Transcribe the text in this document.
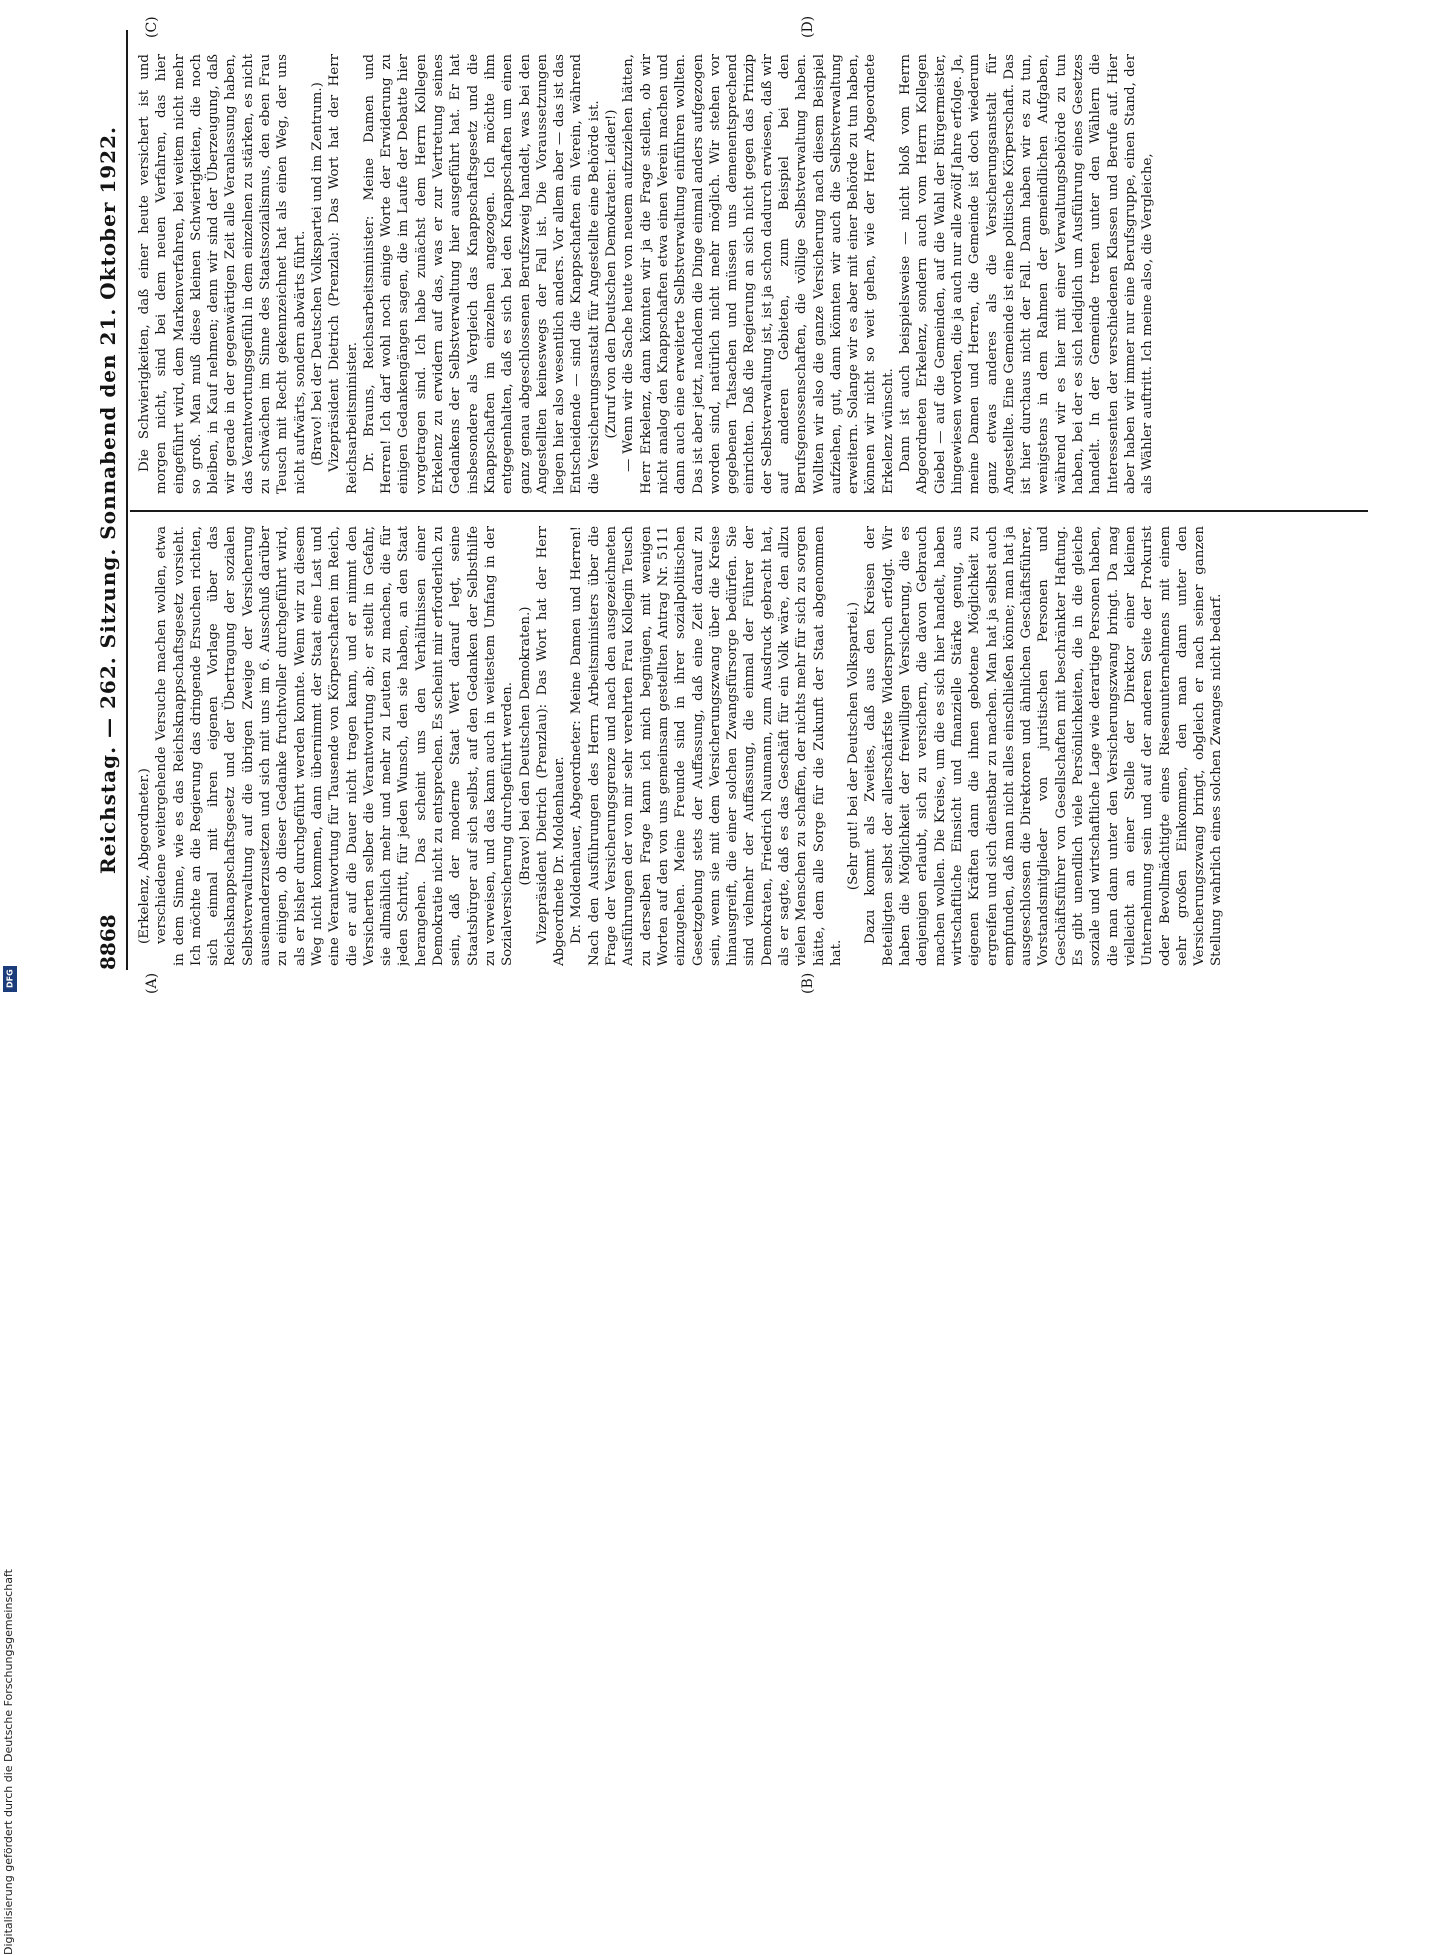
Digitalisierung gefördert durch die Deutsche Forschungsgemeinschaft
DFG
8868
Reichstag. — 262. Sitzung. Sonnabend den 21. Oktober 1922.
(A)	(B)
(C)	(D)

(Erkelenz, Abgeordneter.) verschiedene weitergehende Versuche machen wollen, etwa in dem Sinne, wie es das Reichsknappschaftsgesetz vorsieht. Ich möchte an die Regierung das dringende Ersuchen richten, sich einmal mit ihren eigenen Vorlage über das Reichsknappschaftsgesetz und der Übertragung der sozialen Selbstverwaltung auf die übrigen Zweige der Versicherung auseinanderzusetzen und sich mit uns im 6. Ausschuß darüber zu einigen, ob dieser Gedanke fruchtvoller durchgeführt wird, als er bisher durchgeführt werden konnte. Wenn wir zu diesem Weg nicht kommen, dann übernimmt der Staat eine Last und eine Verantwortung für Tausende von Körperschaften im Reich, die er auf die Dauer nicht tragen kann, und er nimmt den Versicherten selber die Verantwortung ab; er stellt in Gefahr, sie allmählich mehr und mehr zu Leuten zu machen, die für jeden Schritt, für jeden Wunsch, den sie haben, an den Staat herangehen. Das scheint uns den Verhältnissen einer Demokratie nicht zu entsprechen. Es scheint mir erforderlich zu sein, daß der moderne Staat Wert darauf legt, seine Staatsbürger auf sich selbst, auf den Gedanken der Selbsthilfe zu verweisen, und das kann auch in weitestem Umfang in der Sozialversicherung durchgeführt werden. (Bravo! bei den Deutschen Demokraten.) Vizepräsident Dietrich (Prenzlau): Das Wort hat der Herr Abgeordnete Dr. Moldenhauer. Dr. Moldenhauer, Abgeordneter: Meine Damen und Herren! Nach den Ausführungen des Herrn Arbeitsministers über die Frage der Versicherungsgrenze und nach den ausgezeichneten Ausführungen der von mir sehr verehrten Frau Kollegin Teusch zu derselben Frage kann ich mich begnügen, mit wenigen Worten auf den von uns gemeinsam gestellten Antrag Nr. 5111 einzugehen. Meine Freunde sind in ihrer sozialpolitischen Gesetzgebung stets der Auffassung, daß eine Zeit darauf zu sein, wenn sie mit dem Versicherungszwang über die Kreise hinausgreift, die einer solchen Zwangsfürsorge bedürfen. Sie sind vielmehr der Auffassung, die einmal der Führer der Demokraten, Friedrich Naumann, zum Ausdruck gebracht hat, als er sagte, daß es das Geschäft für ein Volk wäre, den allzu vielen Menschen zu schaffen, der nichts mehr für sich zu sorgen hätte, dem alle Sorge für die Zukunft der Staat abgenommen hat.

(Sehr gut! bei der Deutschen Volkspartei.) Dazu kommt als Zweites, daß aus den Kreisen der Beteiligten selbst der allerschärfste Widerspruch erfolgt. Wir haben die Möglichkeit der freiwilligen Versicherung, die es denjenigen erlaubt, sich zu versichern, die davon Gebrauch machen wollen. Die Kreise, um die es sich hier handelt, haben wirtschaftliche Einsicht und finanzielle Stärke genug, aus eigenen Kräften dann die ihnen gebotene Möglichkeit zu ergreifen und sich dienstbar zu machen. Man hat ja selbst auch empfunden, daß man nicht alles einschließen könne; man hat ja ausgeschlossen die Direktoren und ähnlichen Geschäftsführer, Vorstandsmitglieder von juristischen Personen und Geschäftsführer von Gesellschaften mit beschränkter Haftung. Es gibt unendlich viele Persönlichkeiten, die in die gleiche soziale und wirtschaftliche Lage wie derartige Personen haben, die man dann unter den Versicherungszwang bringt. Da mag vielleicht an einer Stelle der Direktor einer kleinen Unternehmung sein und auf der anderen Seite der Prokurist oder Bevollmächtigte eines Riesenunternehmens mit einem sehr großen Einkommen, den man dann unter den Versicherungszwang bringt, obgleich er nach seiner ganzen Stellung wahrlich eines solchen Zwanges nicht bedarf.

Die Schwierigkeiten, daß einer heute versichert ist und morgen nicht, sind bei dem neuen Verfahren, das hier eingeführt wird, dem Markenverfahren, bei weitem nicht mehr so groß. Man muß diese kleinen Schwierigkeiten, die noch bleiben, in Kauf nehmen; denn wir sind der Überzeugung, daß wir gerade in der gegenwärtigen Zeit alle Veranlassung haben, das Verantwortungsgefühl in dem einzelnen zu stärken, es nicht zu schwächen im Sinne des Staatssozialismus, den eben Frau Teusch mit Recht gekennzeichnet hat als einen Weg, der uns nicht aufwärts, sondern abwärts führt. (Bravo! bei der Deutschen Volkspartei und im Zentrum.) Vizepräsident Dietrich (Prenzlau): Das Wort hat der Herr Reichsarbeitsminister. Dr. Brauns, Reichsarbeitsminister: Meine Damen und Herren! Ich darf wohl noch einige Worte der Erwiderung zu einigen Gedankengängen sagen, die im Laufe der Debatte hier vorgetragen sind. Ich habe zunächst dem Herrn Kollegen Erkelenz zu erwidern auf das, was er zur Vertretung seines Gedankens der Selbstverwaltung hier ausgeführt hat. Er hat insbesondere als Vergleich das Knappschaftsgesetz und die Knappschaften im einzelnen angezogen. Ich möchte ihm entgegenhalten, daß es sich bei den Knappschaften um einen ganz genau abgeschlossenen Berufszweig handelt, was bei den Angestellten keineswegs der Fall ist. Die Voraussetzungen liegen hier also wesentlich anders. Vor allem aber — das ist das Entscheidende — sind die Knappschaften ein Verein, während die Versicherungsanstalt für Angestellte eine Behörde ist. (Zuruf von den Deutschen Demokraten: Leider!) — Wenn wir die Sache heute von neuem aufzuziehen hätten, Herr Erkelenz, dann könnten wir ja die Frage stellen, ob wir nicht analog den Knappschaften etwa einen Verein machen und dann auch eine erweiterte Selbstverwaltung einführen wollten. Das ist aber jetzt, nachdem die Dinge einmal anders aufgezogen worden sind, natürlich nicht mehr möglich. Wir stehen vor gegebenen Tatsachen und müssen uns demenentsprechend einrichten. Daß die Regierung an sich nicht gegen das Prinzip der Selbstverwaltung ist, ist ja schon dadurch erwiesen, daß wir auf anderen Gebieten, zum Beispiel bei den Berufsgenossenschaften, die völlige Selbstverwaltung haben. Wollten wir also die ganze Versicherung nach diesem Beispiel aufziehen, gut, dann könnten wir auch die Selbstverwaltung erweitern. Solange wir es aber mit einer Behörde zu tun haben, können wir nicht so weit gehen, wie der Herr Abgeordnete Erkelenz wünscht. Dann ist auch beispielsweise — nicht bloß vom Herrn Abgeordneten Erkelenz, sondern auch vom Herrn Kollegen Giebel — auf die Gemeinden, auf die Wahl der Bürgermeister, hingewiesen worden, die ja auch nur alle zwölf Jahre erfolge. Ja, meine Damen und Herren, die Gemeinde ist doch wiederum ganz etwas anderes als die Versicherungsanstalt für Angestellte. Eine Gemeinde ist eine politische Körperschaft. Das ist hier durchaus nicht der Fall. Dann haben wir es zu tun, wenigstens in dem Rahmen der gemeindlichen Aufgaben, während wir es hier mit einer Verwaltungsbehörde zu tun haben, bei der es sich lediglich um Ausführung eines Gesetzes handelt. In der Gemeinde treten unter den Wählern die Interessenten der verschiedenen Klassen und Berufe auf. Hier aber haben wir immer nur eine Berufsgruppe, einen Stand, der als Wähler auftritt. Ich meine also, die Vergleiche,
